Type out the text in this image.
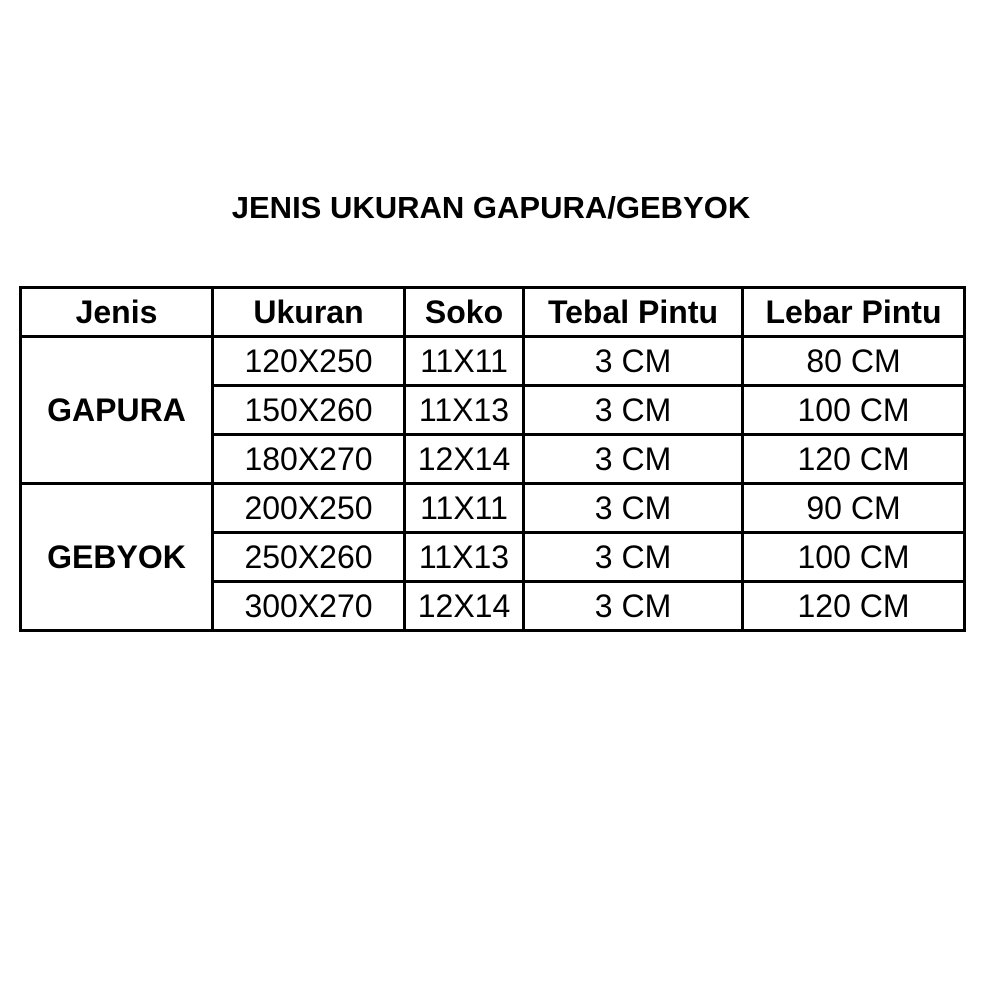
JENIS UKURAN GAPURA/GEBYOK
Jenis	Ukuran	Soko	Tebal Pintu	Lebar Pintu
GAPURA	120X250	11X11	3 CM	80 CM
	150X260	11X13	3 CM	100 CM
	180X270	12X14	3 CM	120 CM
GEBYOK	200X250	11X11	3 CM	90 CM
	250X260	11X13	3 CM	100 CM
	300X270	12X14	3 CM	120 CM
